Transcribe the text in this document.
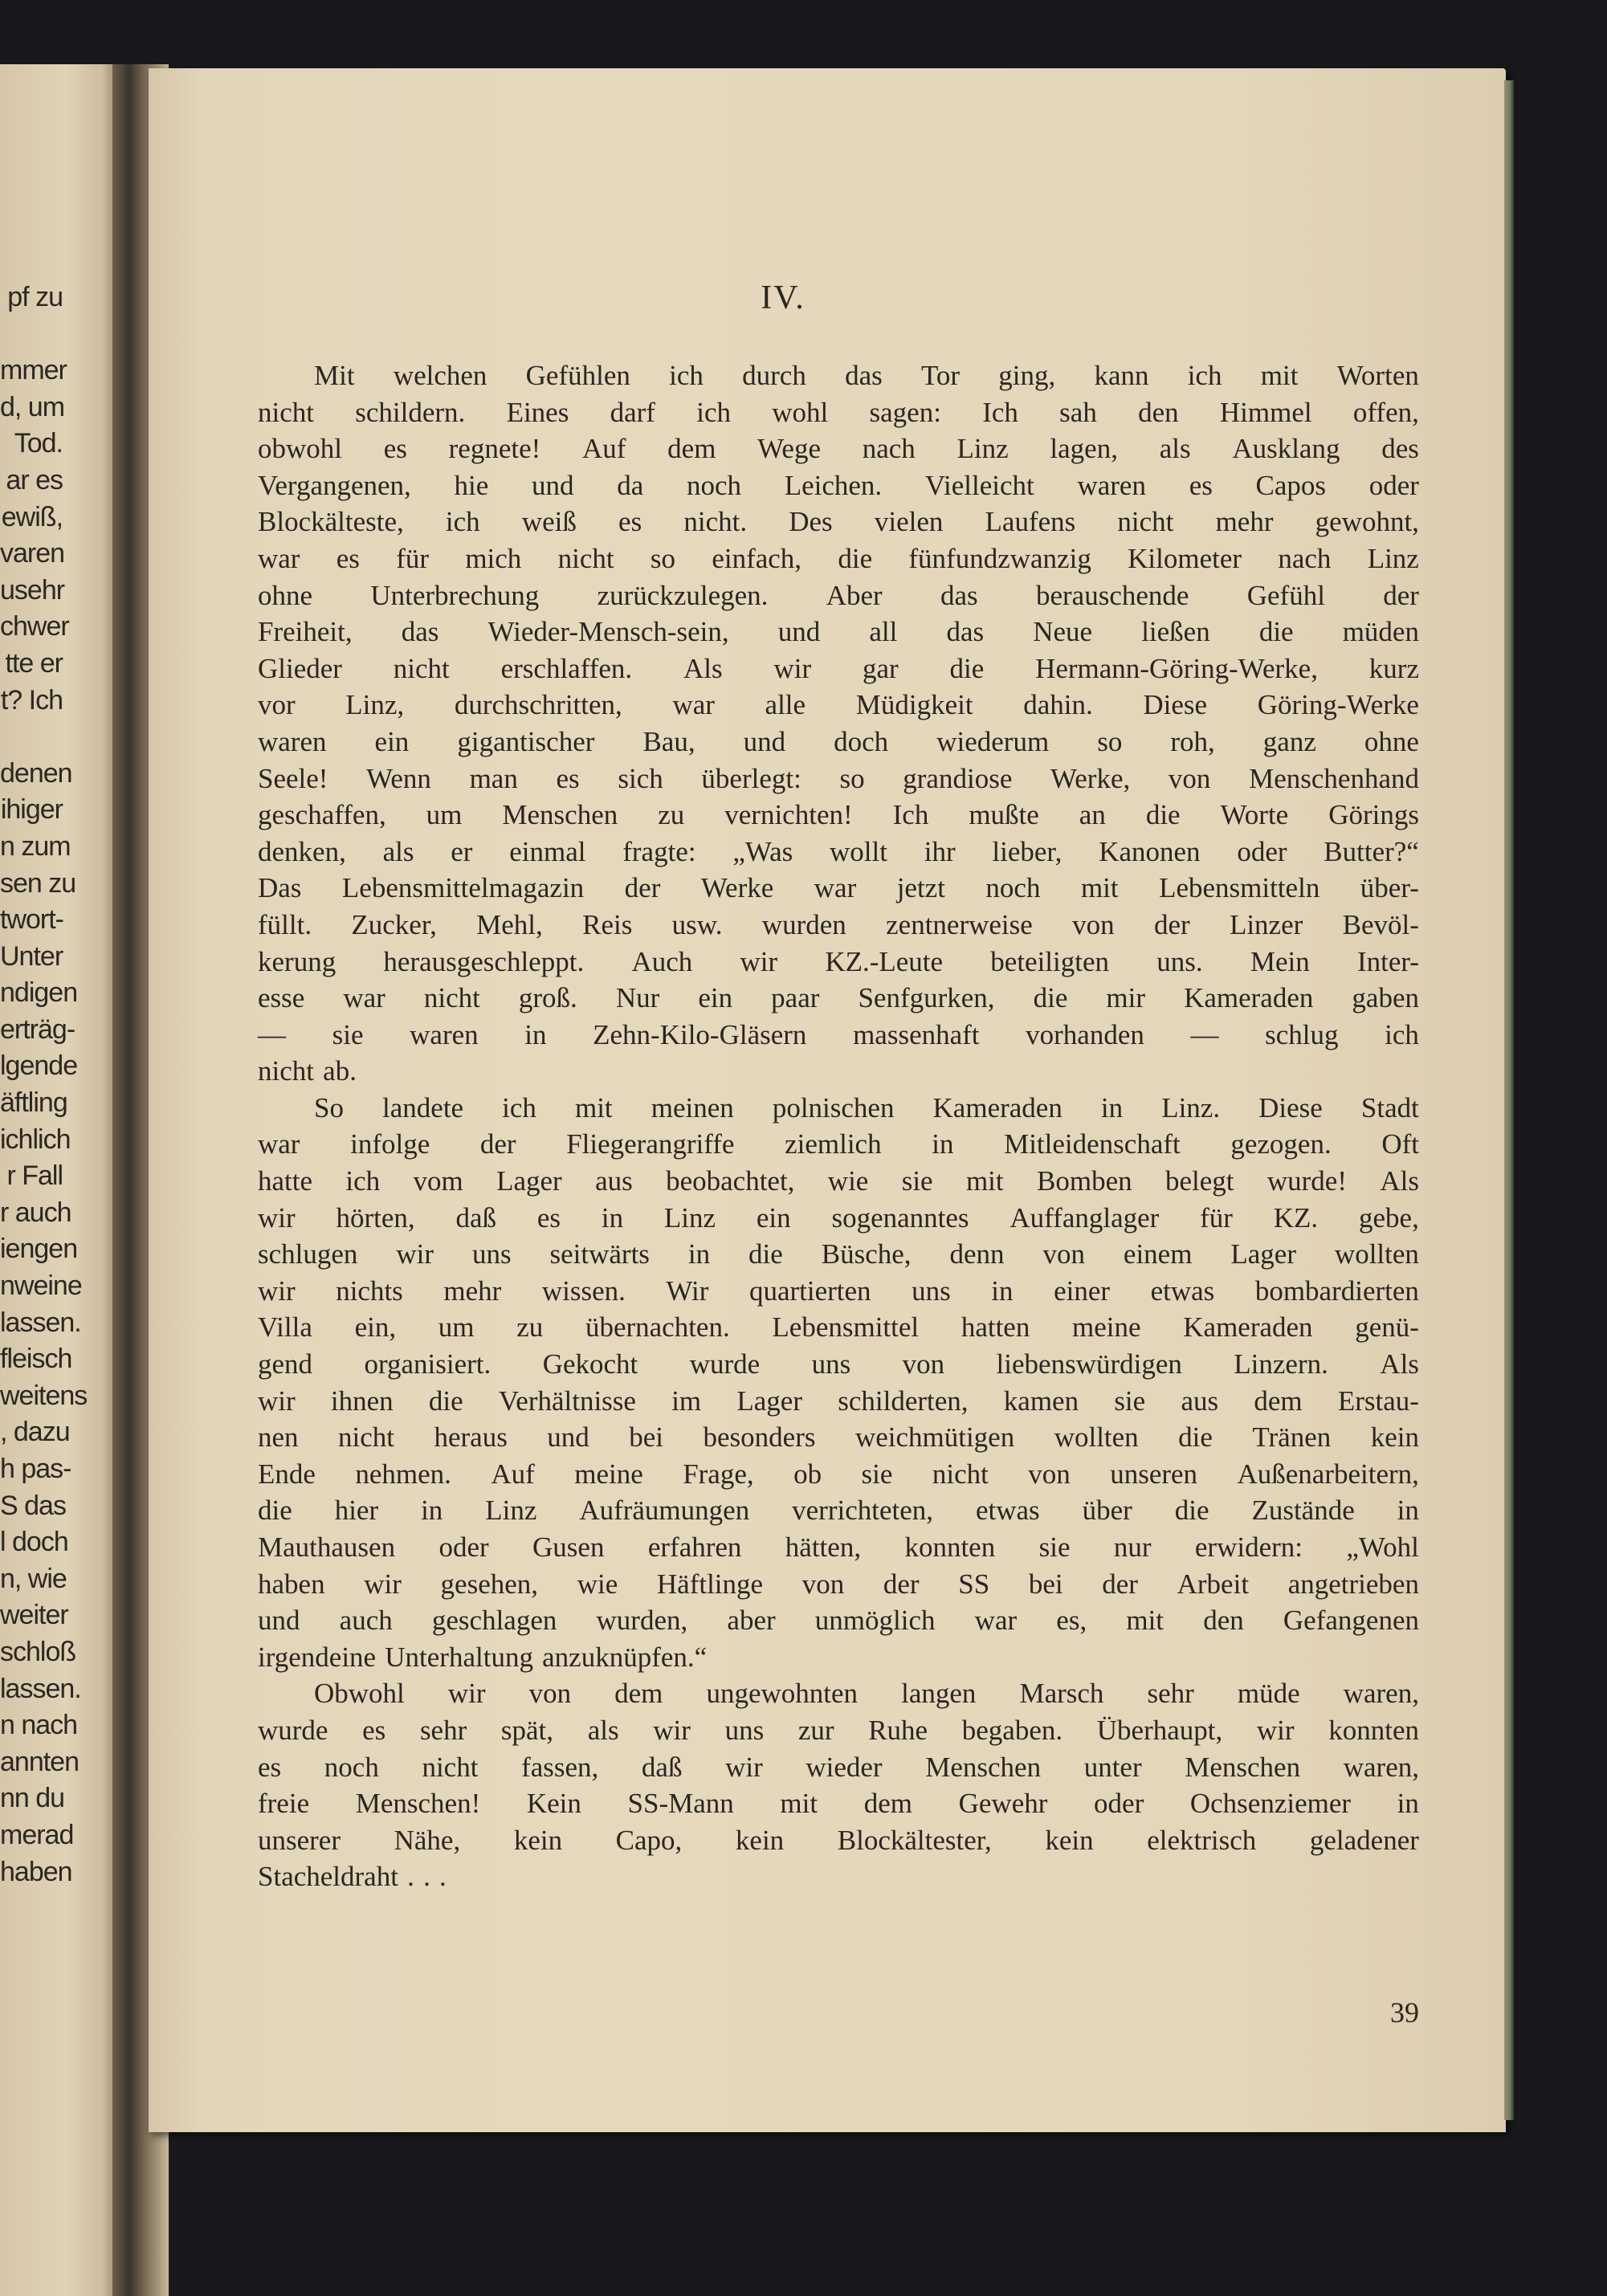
pf zu
mmer
d, um
Tod.
ar es
ewiß,
varen
usehr
chwer
tte er
t? Ich
denen
ihiger
n zum
sen zu
twort-
Unter
ndigen
erträg-
lgende
äftling
ichlich
r Fall
r auch
iengen
nweine
lassen.
fleisch
weitens
, dazu
h pas-
S das
l doch
n, wie
weiter
schloß
lassen.
n nach
annten
nn du
merad
haben
IV.
Mit welchen Gefühlen ich durch das Tor ging, kann ich mit Worten
nicht schildern. Eines darf ich wohl sagen: Ich sah den Himmel offen,
obwohl es regnete! Auf dem Wege nach Linz lagen, als Ausklang des
Vergangenen, hie und da noch Leichen. Vielleicht waren es Capos oder
Blockälteste, ich weiß es nicht. Des vielen Laufens nicht mehr gewohnt,
war es für mich nicht so einfach, die fünfundzwanzig Kilometer nach Linz
ohne Unterbrechung zurückzulegen. Aber das berauschende Gefühl der
Freiheit, das Wieder-Mensch-sein, und all das Neue ließen die müden
Glieder nicht erschlaffen. Als wir gar die Hermann-Göring-Werke, kurz
vor Linz, durchschritten, war alle Müdigkeit dahin. Diese Göring-Werke
waren ein gigantischer Bau, und doch wiederum so roh, ganz ohne
Seele! Wenn man es sich überlegt: so grandiose Werke, von Menschenhand
geschaffen, um Menschen zu vernichten! Ich mußte an die Worte Görings
denken, als er einmal fragte: „Was wollt ihr lieber, Kanonen oder Butter?“
Das Lebensmittelmagazin der Werke war jetzt noch mit Lebensmitteln über-
füllt. Zucker, Mehl, Reis usw. wurden zentnerweise von der Linzer Bevöl-
kerung herausgeschleppt. Auch wir KZ.-Leute beteiligten uns. Mein Inter-
esse war nicht groß. Nur ein paar Senfgurken, die mir Kameraden gaben
— sie waren in Zehn-Kilo-Gläsern massenhaft vorhanden — schlug ich
nicht ab.
So landete ich mit meinen polnischen Kameraden in Linz. Diese Stadt
war infolge der Fliegerangriffe ziemlich in Mitleidenschaft gezogen. Oft
hatte ich vom Lager aus beobachtet, wie sie mit Bomben belegt wurde! Als
wir hörten, daß es in Linz ein sogenanntes Auffanglager für KZ. gebe,
schlugen wir uns seitwärts in die Büsche, denn von einem Lager wollten
wir nichts mehr wissen. Wir quartierten uns in einer etwas bombardierten
Villa ein, um zu übernachten. Lebensmittel hatten meine Kameraden genü-
gend organisiert. Gekocht wurde uns von liebenswürdigen Linzern. Als
wir ihnen die Verhältnisse im Lager schilderten, kamen sie aus dem Erstau-
nen nicht heraus und bei besonders weichmütigen wollten die Tränen kein
Ende nehmen. Auf meine Frage, ob sie nicht von unseren Außenarbeitern,
die hier in Linz Aufräumungen verrichteten, etwas über die Zustände in
Mauthausen oder Gusen erfahren hätten, konnten sie nur erwidern: „Wohl
haben wir gesehen, wie Häftlinge von der SS bei der Arbeit angetrieben
und auch geschlagen wurden, aber unmöglich war es, mit den Gefangenen
irgendeine Unterhaltung anzuknüpfen.“
Obwohl wir von dem ungewohnten langen Marsch sehr müde waren,
wurde es sehr spät, als wir uns zur Ruhe begaben. Überhaupt, wir konnten
es noch nicht fassen, daß wir wieder Menschen unter Menschen waren,
freie Menschen! Kein SS-Mann mit dem Gewehr oder Ochsenziemer in
unserer Nähe, kein Capo, kein Blockältester, kein elektrisch geladener
Stacheldraht . . .
39
